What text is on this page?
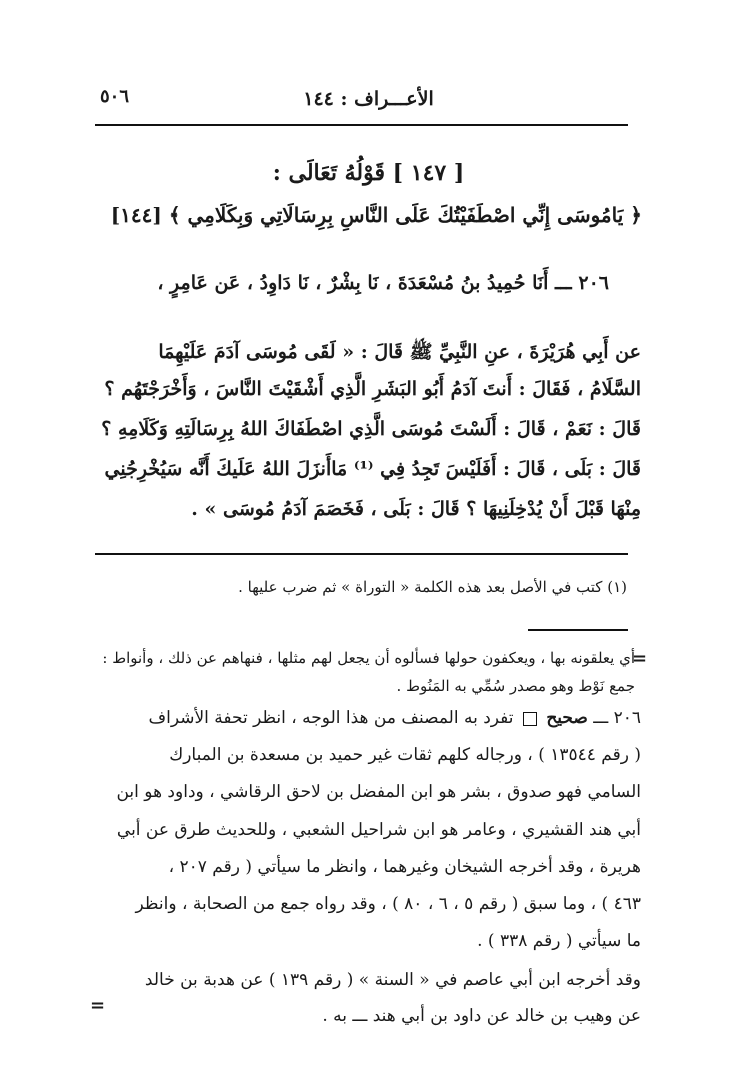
الأعـــراف : ١٤٤
٥٠٦
[ ١٤٧ ] قَوْلُهُ تَعَالَى :
﴿ يَامُوسَى إِنِّي اصْطَفَيْتُكَ عَلَى النَّاسِ بِرِسَالَاتِي وَبِكَلَامِي ﴾ [١٤٤]
٢٠٦ ـــ أَنَا حُمِيدُ بنُ مُسْعَدَةَ ، نَا بِشْرٌ ، نَا دَاوِدُ ، عَن عَامِرٍ ،
عن أَبِي هُرَيْرَةَ ، عنِ النَّبِيِّ ﷺ قَالَ : « لَقَى مُوسَى آدَمَ عَلَيْهِمَا
السَّلَامُ ، فَقَالَ : أَنتَ آدَمُ أَبُو البَشَرِ الَّذِي أَشْقَيْتَ النَّاسَ ، وَأَخْرَجْتَهُم ؟
قَالَ : نَعَمْ ، قَالَ : أَلَسْتَ مُوسَى الَّذِي اصْطَفَاكَ اللهُ بِرِسَالَتِهِ وَكَلَامِهِ ؟
قَالَ : بَلَى ، قَالَ : أَفَلَيْسَ تَجِدُ فِي ⁽¹⁾ مَاأَنزَلَ اللهُ عَلَيكَ أَنَّه سَيُخْرِجُنِي
مِنْهَا قَبْلَ أَنْ يُدْخِلَنِيهَا ؟ قَالَ : بَلَى ، فَخَصَمَ آدَمُ مُوسَى » .
(١) كتب في الأصل بعد هذه الكلمة « التوراة » ثم ضرب عليها .
=
أي يعلقونه بها ، ويعكفون حولها فسألوه أن يجعل لهم مثلها ، فنهاهم عن ذلك ، وأنواط :
جمع نَوْط وهو مصدر سُمِّي به المَنُوط .
٢٠٦ ـــ صحيح  تفرد به المصنف من هذا الوجه ، انظر تحفة الأشراف
( رقم ١٣٥٤٤ ) ، ورجاله كلهم ثقات غير حميد بن مسعدة بن المبارك
السامي فهو صدوق ، بشر هو ابن المفضل بن لاحق الرقاشي ، وداود هو ابن
أبي هند القشيري ، وعامر هو ابن شراحيل الشعبي ، وللحديث طرق عن أبي
هريرة ، وقد أخرجه الشيخان وغيرهما ، وانظر ما سيأتي ( رقم ٢٠٧ ،
٤٦٣ ) ، وما سبق ( رقم ٥ ، ٦ ، ٨٠ ) ، وقد رواه جمع من الصحابة ، وانظر
ما سيأتي ( رقم ٣٣٨ ) .
وقد أخرجه ابن أبي عاصم في « السنة » ( رقم ١٣٩ ) عن هدبة بن خالد
عن وهيب بن خالد عن داود بن أبي هند ـــ به .
=
